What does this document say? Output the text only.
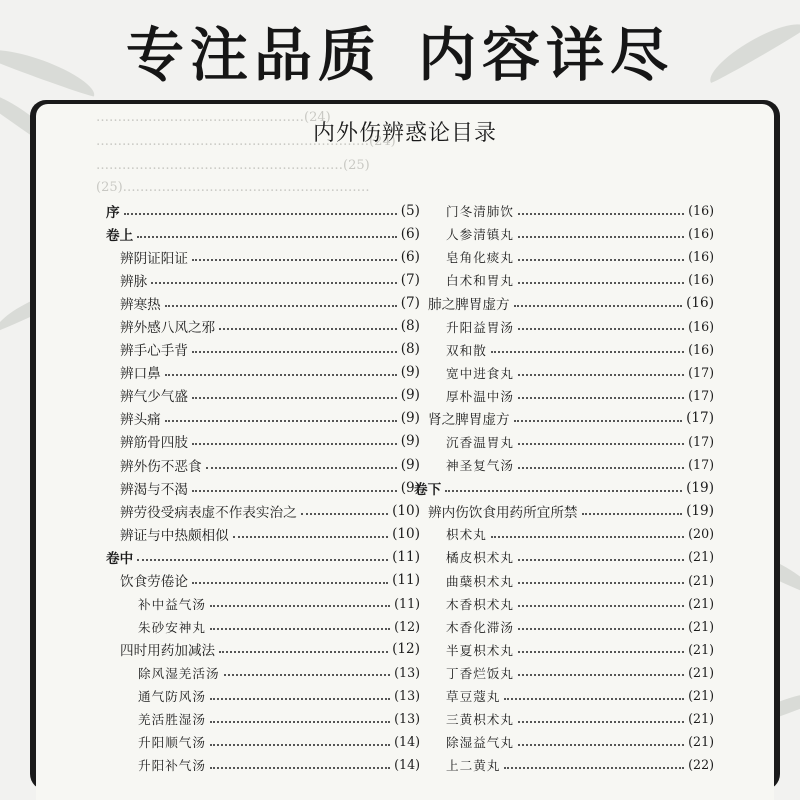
专注品质 内容详尽
…………………………………………(24)
………………………………………………………(24)
…………………………………………………(25)
(25)…………………………………………………
内外伤辨惑论目录
序	(5)
卷上	(6)
辨阴证阳证	(6)
辨脉	(7)
辨寒热	(7)
辨外感八风之邪	(8)
辨手心手背	(8)
辨口鼻	(9)
辨气少气盛	(9)
辨头痛	(9)
辨筋骨四肢	(9)
辨外伤不恶食	(9)
辨渴与不渴	(9)
辨劳役受病表虚不作表实治之	(10)
辨证与中热颇相似	(10)
卷中	(11)
饮食劳倦论	(11)
补中益气汤	(11)
朱砂安神丸	(12)
四时用药加减法	(12)
除风湿羌活汤	(13)
通气防风汤	(13)
羌活胜湿汤	(13)
升阳顺气汤	(14)
升阳补气汤	(14)
门冬清肺饮	(16)
人参清镇丸	(16)
皂角化痰丸	(16)
白术和胃丸	(16)
肺之脾胃虚方	(16)
升阳益胃汤	(16)
双和散	(16)
宽中进食丸	(17)
厚朴温中汤	(17)
肾之脾胃虚方	(17)
沉香温胃丸	(17)
神圣复气汤	(17)
卷下	(19)
辨内伤饮食用药所宜所禁	(19)
枳术丸	(20)
橘皮枳术丸	(21)
曲蘖枳术丸	(21)
木香枳术丸	(21)
木香化滞汤	(21)
半夏枳术丸	(21)
丁香烂饭丸	(21)
草豆蔻丸	(21)
三黄枳术丸	(21)
除湿益气丸	(21)
上二黄丸	(22)
